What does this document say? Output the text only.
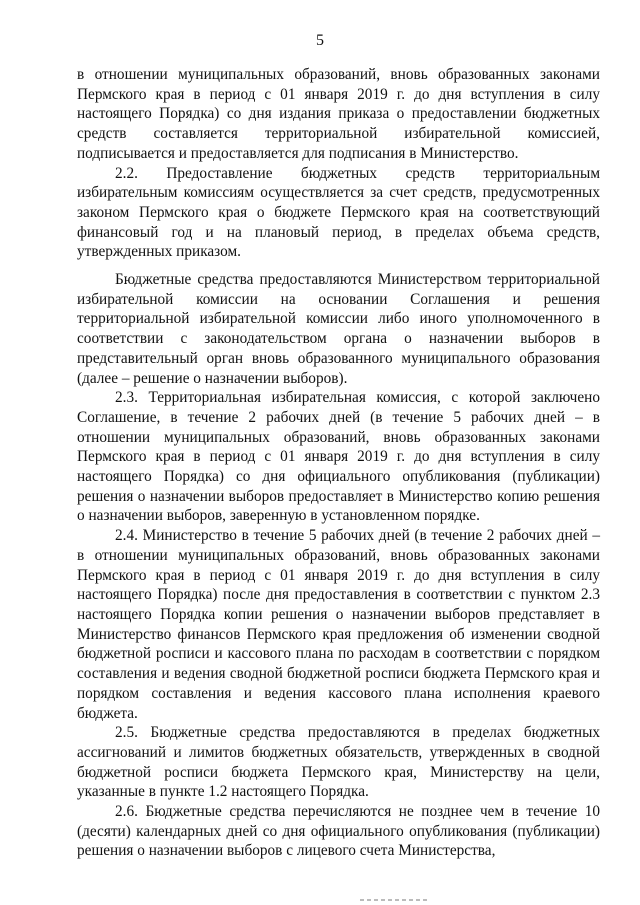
5

в отношении муниципальных образований, вновь образованных законами Пермского края в период с 01 января 2019 г. до дня вступления в силу настоящего Порядка) со дня издания приказа о предоставлении бюджетных средств составляется территориальной избирательной комиссией, подписывается и предоставляется для подписания в Министерство.

2.2. Предоставление бюджетных средств территориальным избирательным комиссиям осуществляется за счет средств, предусмотренных законом Пермского края о бюджете Пермского края на соответствующий финансовый год и на плановый период, в пределах объема средств, утвержденных приказом.

Бюджетные средства предоставляются Министерством территориальной избирательной комиссии на основании Соглашения и решения территориальной избирательной комиссии либо иного уполномоченного в соответствии с законодательством органа о назначении выборов в представительный орган вновь образованного муниципального образования (далее – решение о назначении выборов).

2.3. Территориальная избирательная комиссия, с которой заключено Соглашение, в течение 2 рабочих дней (в течение 5 рабочих дней – в отношении муниципальных образований, вновь образованных законами Пермского края в период с 01 января 2019 г. до дня вступления в силу настоящего Порядка) со дня официального опубликования (публикации) решения о назначении выборов предоставляет в Министерство копию решения о назначении выборов, заверенную в установленном порядке.

2.4. Министерство в течение 5 рабочих дней (в течение 2 рабочих дней – в отношении муниципальных образований, вновь образованных законами Пермского края в период с 01 января 2019 г. до дня вступления в силу настоящего Порядка) после дня предоставления в соответствии с пунктом 2.3 настоящего Порядка копии решения о назначении выборов представляет в Министерство финансов Пермского края предложения об изменении сводной бюджетной росписи и кассового плана по расходам в соответствии с порядком составления и ведения сводной бюджетной росписи бюджета Пермского края и порядком составления и ведения кассового плана исполнения краевого бюджета.

2.5. Бюджетные средства предоставляются в пределах бюджетных ассигнований и лимитов бюджетных обязательств, утвержденных в сводной бюджетной росписи бюджета Пермского края, Министерству на цели, указанные в пункте 1.2 настоящего Порядка.

2.6. Бюджетные средства перечисляются не позднее чем в течение 10 (десяти) календарных дней со дня официального опубликования (публикации) решения о назначении выборов с лицевого счета Министерства,
